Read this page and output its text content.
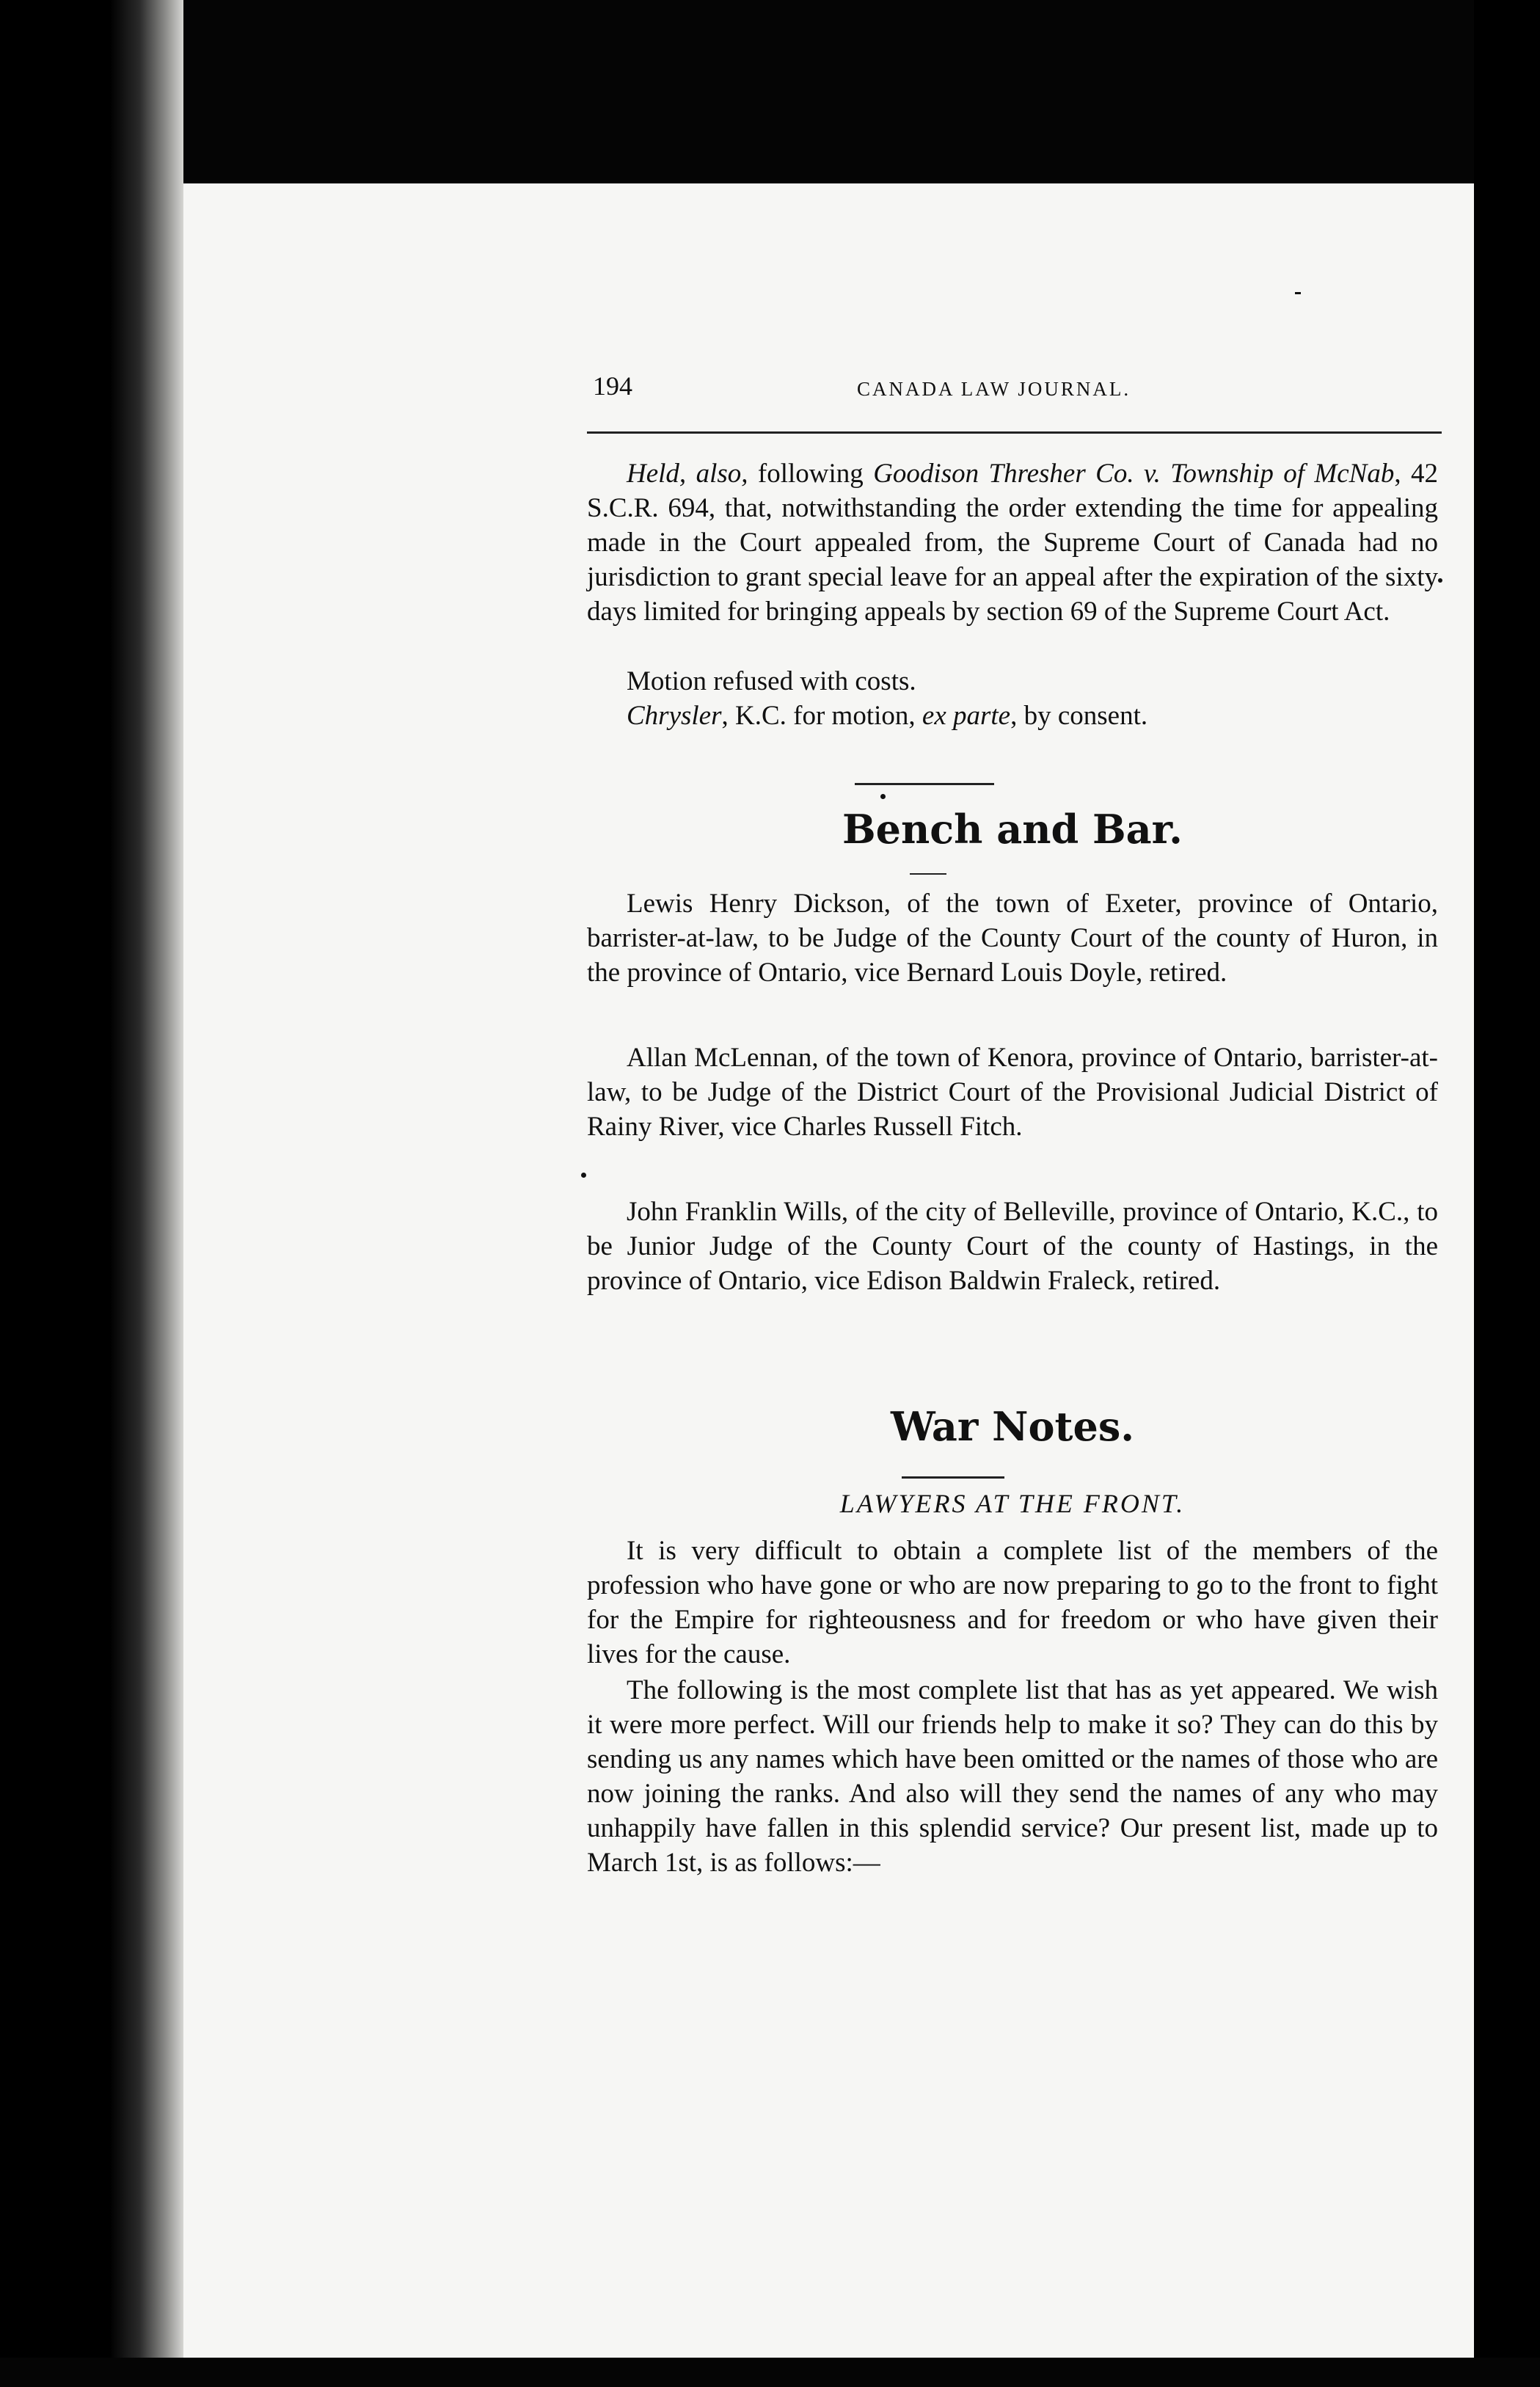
194	CANADA LAW JOURNAL.
Held, also, following Goodison Thresher Co. v. Township of McNab, 42 S.C.R. 694, that, notwithstanding the order extending the time for appealing made in the Court appealed from, the Supreme Court of Canada had no jurisdiction to grant special leave for an appeal after the expiration of the sixty days limited for bringing appeals by section 69 of the Supreme Court Act.

Motion refused with costs.

Chrysler, K.C. for motion, ex parte, by consent.

Bench and Bar.
Lewis Henry Dickson, of the town of Exeter, province of Ontario, barrister-at-law, to be Judge of the County Court of the county of Huron, in the province of Ontario, vice Bernard Louis Doyle, retired.
Allan McLennan, of the town of Kenora, province of Ontario, barrister-at-law, to be Judge of the District Court of the Provisional Judicial District of Rainy River, vice Charles Russell Fitch.
John Franklin Wills, of the city of Belleville, province of Ontario, K.C., to be Junior Judge of the County Court of the county of Hastings, in the province of Ontario, vice Edison Baldwin Fraleck, retired.
War Notes.
LAWYERS AT THE FRONT.
It is very difficult to obtain a complete list of the members of the profession who have gone or who are now preparing to go to the front to fight for the Empire for righteousness and for freedom or who have given their lives for the cause.
The following is the most complete list that has as yet appeared. We wish it were more perfect. Will our friends help to make it so? They can do this by sending us any names which have been omitted or the names of those who are now joining the ranks. And also will they send the names of any who may unhappily have fallen in this splendid service? Our present list, made up to March 1st, is as follows:—
